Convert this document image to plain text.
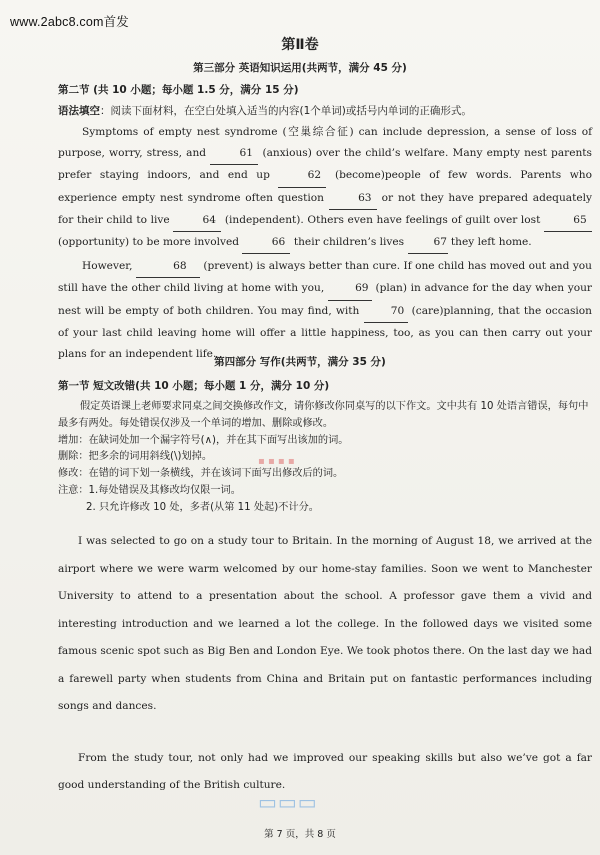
www.2abc8.com首发
第Ⅱ卷
第三部分 英语知识运用(共两节，满分 45 分)
第二节 (共 10 小题；每小题 1.5 分，满分 15 分)
语法填空：阅读下面材料，在空白处填入适当的内容(1个单词)或括号内单词的正确形式。

Symptoms of empty nest syndrome (空巢综合征) can include depression, a sense of loss of purpose, worry, stress, and	61 (anxious) over the child’s welfare. Many empty nest parents prefer staying indoors, and end up	62 (become)people of few words. Parents who experience empty nest syndrome often question	63 or not they have prepared adequately for their child to live	64 (independent). Others even have feelings of guilt over lost	65 (opportunity) to be more involved	66 their children’s lives	67 they left home.

However,	68 (prevent) is always better than cure. If one child has moved out and you still have the other child living at home with you,	69 (plan) in advance for the day when your nest will be empty of both children. You may find, with	70 (care)planning, that the occasion of your last child leaving home will offer a little happiness, too, as you can then carry out your plans for an independent life.

第四部分 写作(共两节，满分 35 分)
第一节 短文改错(共 10 小题；每小题 1 分，满分 10 分)
假定英语课上老师要求同桌之间交换修改作文，请你修改你同桌写的以下作文。文中共有 10 处语言错误，每句中最多有两处。每处错误仅涉及一个单词的增加、删除或修改。
增加：在缺词处加一个漏字符号(∧)，并在其下面写出该加的词。
删除：把多余的词用斜线(\)划掉。
修改：在错的词下划一条横线，并在该词下面写出修改后的词。
注意：1.每处错误及其修改均仅限一词。
2. 只允许修改 10 处，多者(从第 11 处起)不计分。
▪ ▪ ▪ ▪

I was selected to go on a study tour to Britain. In the morning of August 18, we arrived at the airport where we were warm welcomed by our home-stay families. Soon we went to Manchester University to attend to a presentation about the school. A professor gave them a vivid and interesting introduction and we learned a lot the college. In the followed days we visited some famous scenic spot such as Big Ben and London Eye. We took photos there. On the last day we had a farewell party when students from China and Britain put on fantastic performances including songs and dances.

From the study tour, not only had we improved our speaking skills but also we’ve got a far good understanding of the British culture.

▭▭▭
第 7 页，共 8 页
